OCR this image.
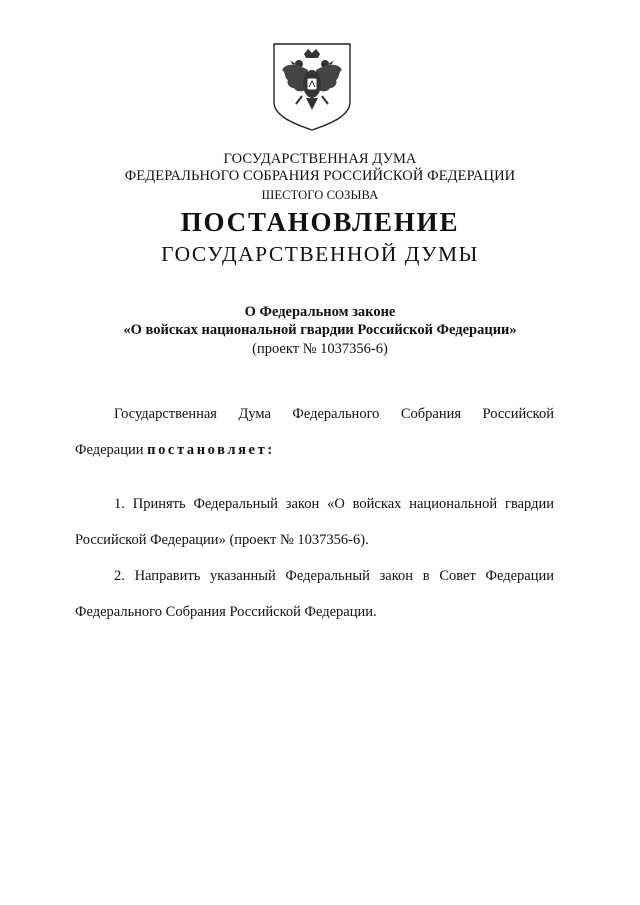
ГОСУДАРСТВЕННАЯ ДУМА
ФЕДЕРАЛЬНОГО СОБРАНИЯ РОССИЙСКОЙ ФЕДЕРАЦИИ
ШЕСТОГО СОЗЫВА
ПОСТАНОВЛЕНИЕ
ГОСУДАРСТВЕННОЙ ДУМЫ
О Федеральном законе
«О войсках национальной гвардии Российской Федерации»
(проект № 1037356-6)
Государственная Дума Федерального Собрания Российской
Федерации постановляет:
1. Принять Федеральный закон «О войсках национальной гвардии
Российской Федерации» (проект № 1037356-6).
2. Направить указанный Федеральный закон в Совет Федерации
Федерального Собрания Российской Федерации.
